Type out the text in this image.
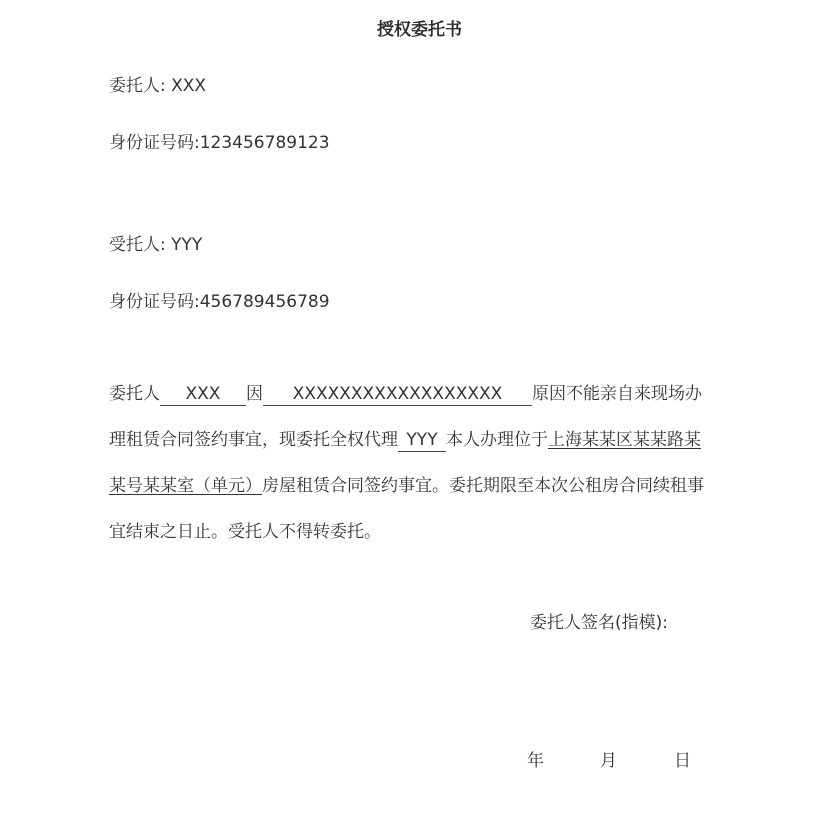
授权委托书
委托人: XXX
身份证号码:123456789123
受托人: YYY
身份证号码:456789456789
委托人 XXX 因 XXXXXXXXXXXXXXXXXX 原因不能亲自来现场办
理租赁合同签约事宜，现委托全权代理 YYY 本人办理位于上海某某区某某路某
某号某某室（单元）房屋租赁合同签约事宜。委托期限至本次公租房合同续租事
宜结束之日止。受托人不得转委托。
委托人签名(指模):
年	月	日
